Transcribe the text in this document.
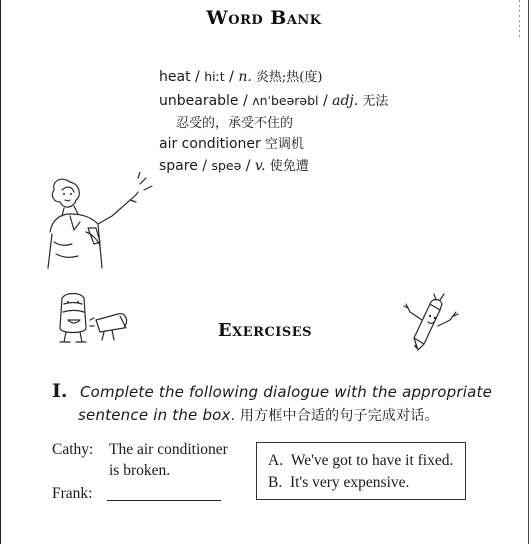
Word Bank
heat / hiːt / n. 炎热;热(度)
unbearable / ʌnˈbeərəbl / adj. 无法
忍受的，承受不住的
air conditioner 空调机
spare / speə / v. 使免遭
Exercises
I. Complete the following dialogue with the appropriate
sentence in the box. 用方框中合适的句子完成对话。
Cathy: The air conditioner
is broken.
Frank:
A. We've got to have it fixed.
B. It's very expensive.
